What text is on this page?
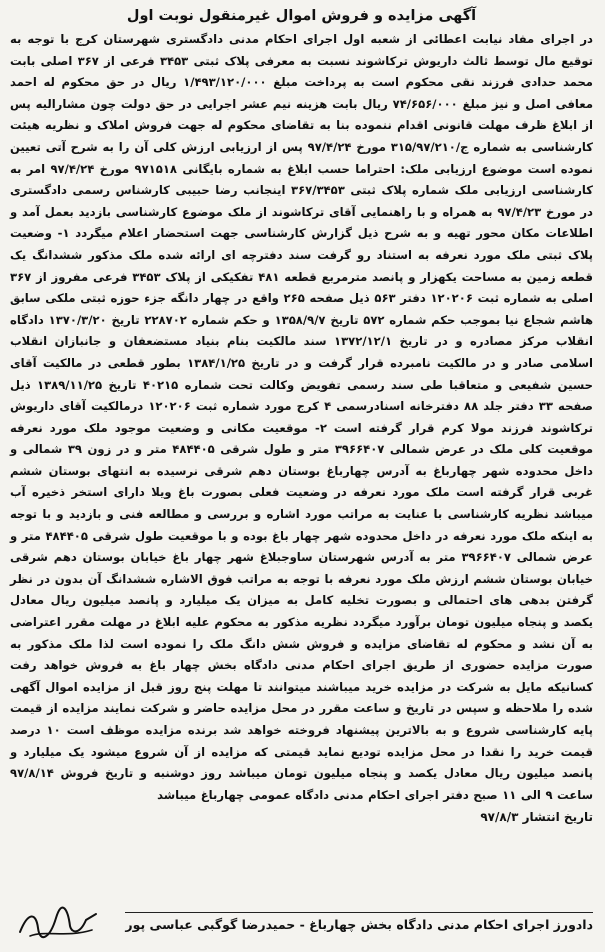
آگهی مزایده و فروش اموال غیرمنقول نوبت اول

در اجرای مفاد نیابت اعطائی از شعبه اول اجرای احکام مدنی دادگستری شهرستان کرج با توجه به توقیع مال توسط ثالث داریوش ترکاشوند نسبت به معرفی پلاک ثبتی ۳۴۵۳ فرعی از ۳۶۷ اصلی بابت محمد حدادی فرزند نقی محکوم است به پرداخت مبلغ ۱/۴۹۳/۱۲۰/۰۰۰ ریال در حق محکوم له احمد معافی اصل و نیز مبلغ ۷۴/۶۵۶/۰۰۰ ریال بابت هزینه نیم عشر اجرایی در حق دولت چون مشارالیه پس از ابلاغ ظرف مهلت قانونی اقدام ننموده بنا به تقاضای محکوم له جهت فروش املاک و نظریه هیئت کارشناسی به شماره ج/۳۱۵/۹۷/۲۱۰ مورخ ۹۷/۴/۲۴ پس از ارزیابی ارزش کلی آن را به شرح آتی تعیین نموده است موضوع ارزیابی ملک: احتراما حسب ابلاغ به شماره بایگانی ۹۷۱۵۱۸ مورخ ۹۷/۴/۲۴ امر به کارشناسی ارزیابی ملک شماره پلاک ثبتی ۳۶۷/۳۴۵۳ اینجانب رضا حبیبی کارشناس رسمی دادگستری در مورخ ۹۷/۴/۲۳ به همراه و با راهنمایی آقای ترکاشوند از ملک موضوع کارشناسی بازدید بعمل آمد و اطلاعات مکان محور تهیه و به شرح ذیل گزارش کارشناسی جهت استحضار اعلام میگردد ۱- وضعیت پلاک ثبتی ملک مورد نعرفه به استناد رو گرفت سند دفترچه ای ارائه شده ملک مذکور ششدانگ یک قطعه زمین به مساحت یکهزار و پانصد مترمربع قطعه ۴۸۱ تفکیکی از پلاک ۳۴۵۳ فرعی مفروز از ۳۶۷ اصلی به شماره ثبت ۱۲۰۲۰۶ دفتر ۵۶۳ ذیل صفحه ۲۶۵ واقع در چهار دانگه جزء حوزه ثبتی ملکی سابق هاشم شجاع نیا بموجب حکم شماره ۵۷۲ تاریخ ۱۳۵۸/۹/۷ و حکم شماره ۲۲۸۷۰۲ تاریخ ۱۳۷۰/۳/۲۰ دادگاه انقلاب مرکز مصادره و در تاریخ ۱۳۷۲/۱۲/۱ سند مالکیت بنام بنیاد مستضعفان و جانبازان انقلاب اسلامی صادر و در مالکیت نامبرده قرار گرفت و در تاریخ ۱۳۸۴/۱/۲۵ بطور قطعی در مالکیت آقای حسین شفیعی و متعاقبا طی سند رسمی تفویض وکالت تحت شماره ۴۰۲۱۵ تاریخ ۱۳۸۹/۱۱/۲۵ ذیل صفحه ۳۳ دفتر جلد ۸۸ دفترخانه اسنادرسمی ۴ کرج مورد شماره ثبت ۱۲۰۲۰۶ درمالکیت آقای داریوش ترکاشوند فرزند مولا کرم قرار گرفته است ۲- موقعیت مکانی و وضعیت موجود ملک مورد نعرفه موقعیت کلی ملک در عرض شمالی ۳۹۶۶۴۰۷ متر و طول شرقی ۴۸۴۴۰۵ متر و در زون ۳۹ شمالی و داخل محدوده شهر چهارباغ به آدرس چهارباغ بوستان دهم شرقی نرسیده به انتهای بوستان ششم غربی قرار گرفته است ملک مورد نعرفه در وضعیت فعلی بصورت باغ ویلا دارای استخر ذخیره آب میباشد نظریه کارشناسی با عنایت به مراتب مورد اشاره و بررسی و مطالعه فنی و بازدید و با توجه به اینکه ملک مورد نعرفه در داخل محدوده شهر چهار باغ بوده و با موقعیت طول شرقی ۴۸۴۴۰۵ متر و عرض شمالی ۳۹۶۶۴۰۷ متر به آدرس شهرستان ساوجبلاغ شهر چهار باغ خیابان بوستان دهم شرقی خیابان بوستان ششم ارزش ملک مورد نعرفه با توجه به مراتب فوق الاشاره ششدانگ آن بدون در نظر گرفتن بدهی های احتمالی و بصورت تخلیه کامل به میزان یک میلیارد و پانصد میلیون ریال معادل یکصد و پنجاه میلیون تومان برآورد میگردد نظریه مذکور به محکوم علیه ابلاغ در مهلت مقرر اعتراضی به آن نشد و محکوم له تقاضای مزایده و فروش شش دانگ ملک را نموده است لذا ملک مذکور به صورت مزایده حضوری از طریق اجرای احکام مدنی دادگاه بخش چهار باغ به فروش خواهد رفت کسانیکه مایل به شرکت در مزایده خرید میباشند میتوانند تا مهلت پنج روز قبل از مزایده اموال آگهی شده را ملاحظه و سپس در تاریخ و ساعت مقرر در محل مزایده حاضر و شرکت نمایند مزایده از قیمت پایه کارشناسی شروع و به بالاترین پیشنهاد فروخته خواهد شد برنده مزایده موظف است ۱۰ درصد قیمت خرید را نقدا در محل مزایده تودیع نماید قیمتی که مزایده از آن شروع میشود یک میلیارد و پانصد میلیون ریال معادل یکصد و پنجاه میلیون تومان میباشد روز دوشنبه و تاریخ فروش ۹۷/۸/۱۴ ساعت ۹ الی ۱۱ صبح دفتر اجرای احکام مدنی دادگاه عمومی چهارباغ میباشد

تاریخ انتشار ۹۷/۸/۳
دادورز اجرای احکام مدنی دادگاه بخش چهارباغ - حمیدرضا گوگبی عباسی پور
